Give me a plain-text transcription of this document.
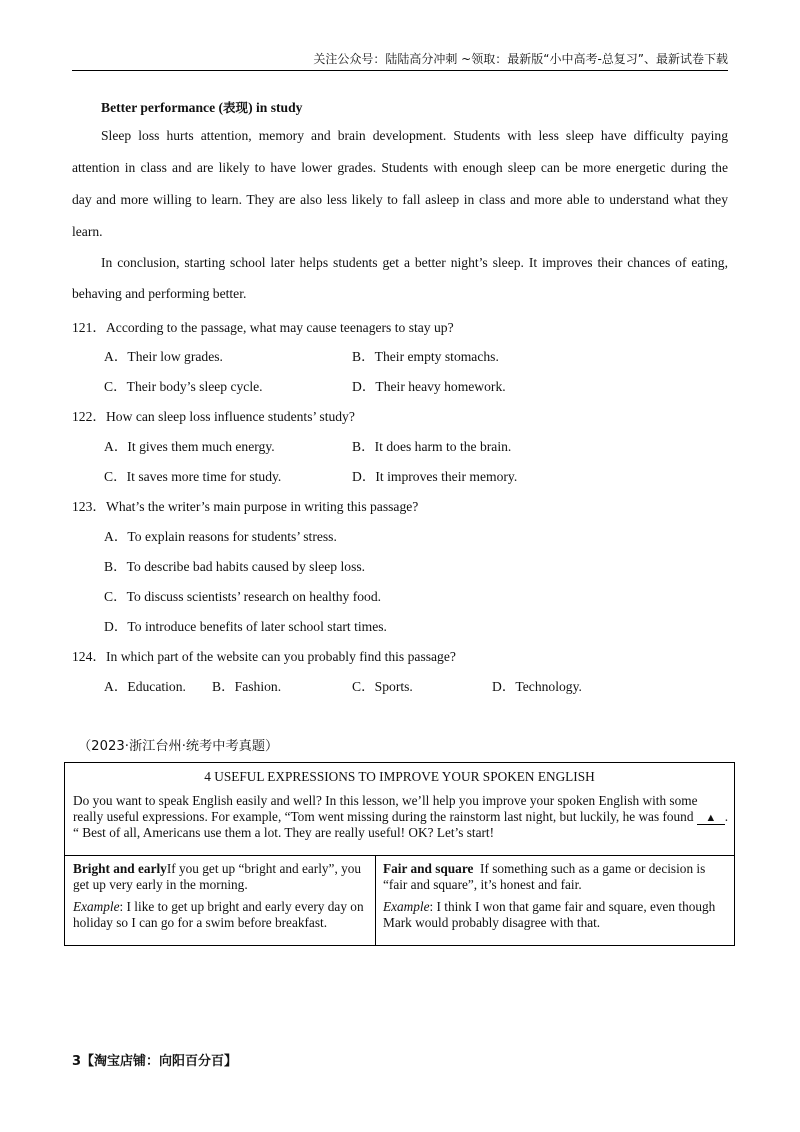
关注公众号：陆陆高分冲刺 ~领取：最新版“小中高考-总复习”、最新试卷下载
Better performance (表现) in study
Sleep loss hurts attention, memory and brain development. Students with less sleep have difficulty paying
attention in class and are likely to have lower grades. Students with enough sleep can be more energetic during the
day and more willing to learn. They are also less likely to fall asleep in class and more able to understand what they
learn.
In conclusion, starting school later helps students get a better night’s sleep. It improves their chances of eating,
behaving and performing better.
121．According to the passage, what may cause teenagers to stay up?
A．Their low grades.	B．Their empty stomachs.
C．Their body’s sleep cycle.	D．Their heavy homework.
122．How can sleep loss influence students’ study?
A．It gives them much energy.	B．It does harm to the brain.
C．It saves more time for study.	D．It improves their memory.
123．What’s the writer’s main purpose in writing this passage?
A．To explain reasons for students’ stress.
B．To describe bad habits caused by sleep loss.
C．To discuss scientists’ research on healthy food.
D．To introduce benefits of later school start times.
124．In which part of the website can you probably find this passage?
A．Education. B．Fashion.	C．Sports.	D．Technology.
（2023·浙江台州·统考中考真题）
4 USEFUL EXPRESSIONS TO IMPROVE YOUR SPOKEN ENGLISH
Do you want to speak English easily and well? In this lesson, we’ll help you improve your spoken English with some really useful expressions. For example, “Tom went missing during the rainstorm last night, but luckily, he was found ▲ . “ Best of all, Americans use them a lot. They are really useful! OK? Let’s start!

Bright and earlyIf you get up “bright and early”, you get up very early in the morning.

Example: I like to get up bright and early every day on holiday so I can go for a swim before breakfast.

Fair and square  If something such as a game or decision is “fair and square”, it’s honest and fair.

Example: I think I won that game fair and square, even though Mark would probably disagree with that.

3【淘宝店铺：向阳百分百】
